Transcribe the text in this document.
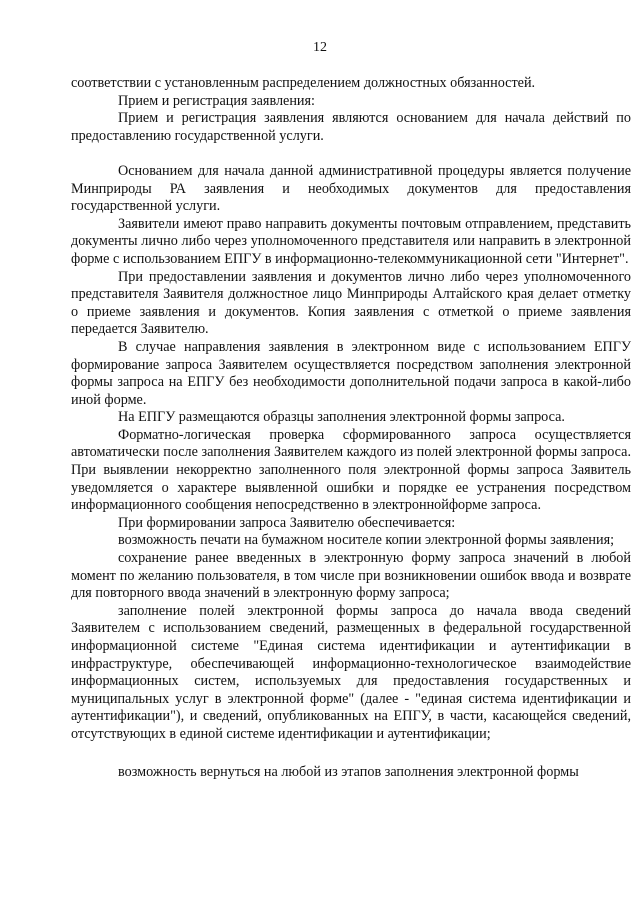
12

соответствии с установленным распределением должностных обязанностей.

Прием и регистрация заявления:

Прием и регистрация заявления являются основанием для начала действий по предоставлению государственной услуги.

Основанием для начала данной административной процедуры является получение Минприроды РА заявления и необходимых документов для предоставления государственной услуги.

Заявители имеют право направить документы почтовым отправлением, представить документы лично либо через уполномоченного представителя или направить в электронной форме с использованием ЕПГУ в информационно-телекоммуникационной сети "Интернет".

При предоставлении заявления и документов лично либо через уполномоченного представителя Заявителя должностное лицо Минприроды Алтайского края делает отметку о приеме заявления и документов. Копия заявления с отметкой о приеме заявления передается Заявителю.

В случае направления заявления в электронном виде с использованием ЕПГУ формирование запроса Заявителем осуществляется посредством заполнения электронной формы запроса на ЕПГУ без необходимости дополнительной подачи запроса в какой-либо иной форме.

На ЕПГУ размещаются образцы заполнения электронной формы запроса.

Форматно-логическая проверка сформированного запроса осуществляется автоматически после заполнения Заявителем каждого из полей электронной формы запроса. При выявлении некорректно заполненного поля электронной формы запроса Заявитель уведомляется о характере выявленной ошибки и порядке ее устранения посредством информационного сообщения непосредственно в электроннойформе запроса.

При формировании запроса Заявителю обеспечивается:

возможность печати на бумажном носителе копии электронной формы заявления;

сохранение ранее введенных в электронную форму запроса значений в любой момент по желанию пользователя, в том числе при возникновении ошибок ввода и возврате для повторного ввода значений в электронную форму запроса;

заполнение полей электронной формы запроса до начала ввода сведений Заявителем с использованием сведений, размещенных в федеральной государственной информационной системе "Единая система идентификации и аутентификации в инфраструктуре, обеспечивающей информационно-технологическое взаимодействие информационных систем, используемых для предоставления государственных и муниципальных услуг в электронной форме" (далее - "единая система идентификации и аутентификации"), и сведений, опубликованных на ЕПГУ, в части, касающейся сведений, отсутствующих в единой системе идентификации и аутентификации;

возможность вернуться на любой из этапов заполнения электронной формы
